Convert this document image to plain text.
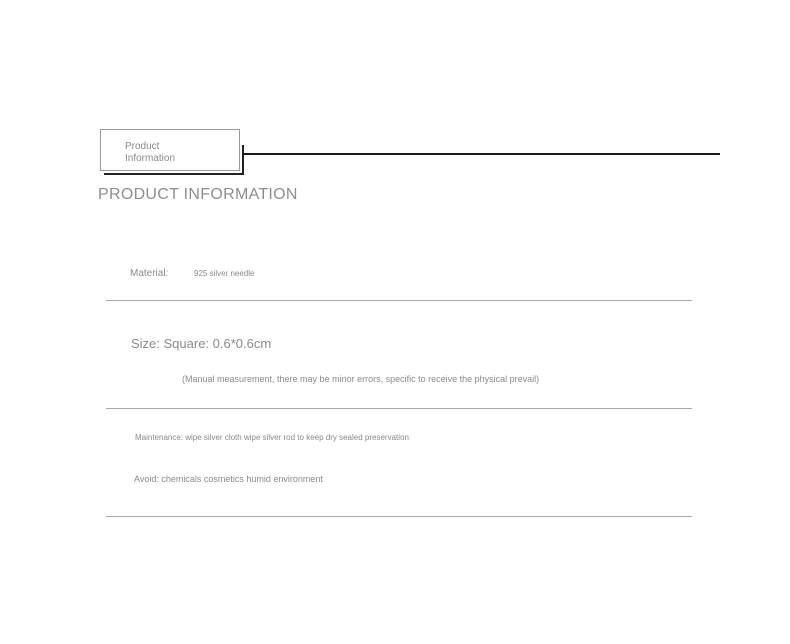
Product
Information
PRODUCT INFORMATION
Material:	925 silver needle
Size: Square: 0.6*0.6cm
(Manual measurement, there may be minor errors, specific to receive the physical prevail)
Maintenance: wipe silver cloth wipe silver rod to keep dry sealed preservation
Avoid: chemicals cosmetics humid environment
